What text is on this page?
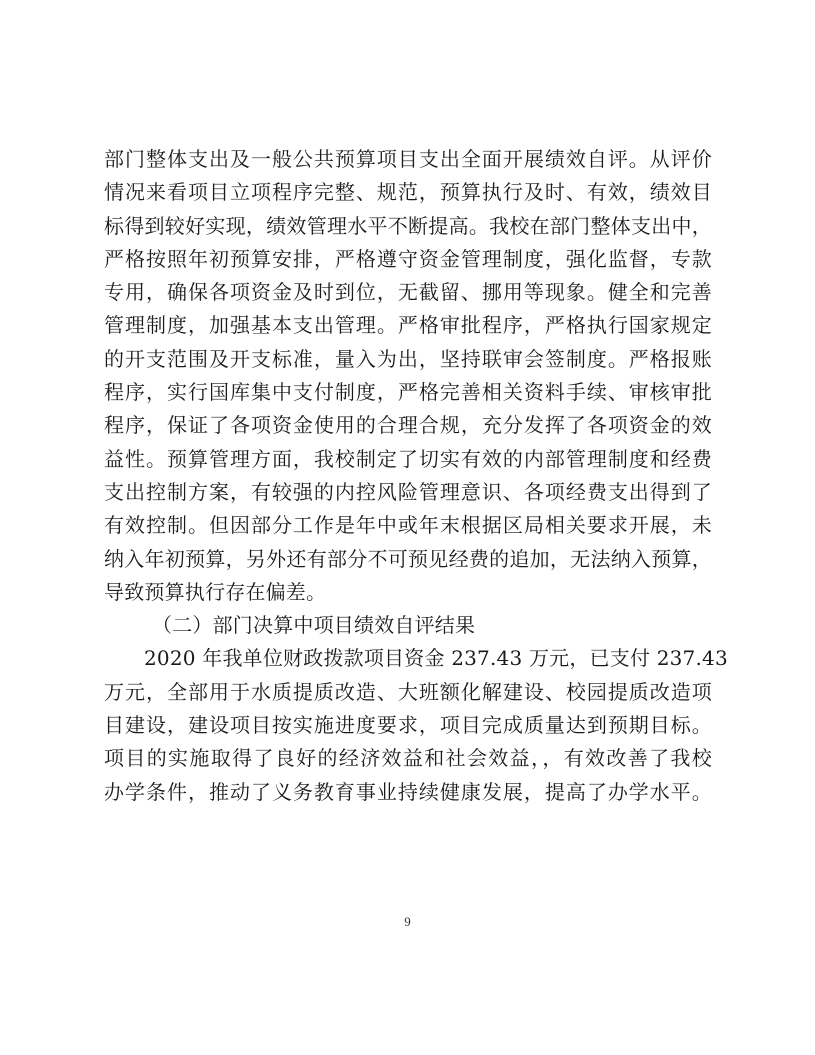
部门整体支出及一般公共预算项目支出全面开展绩效自评。从评价
情况来看项目立项程序完整、规范，预算执行及时、有效，绩效目
标得到较好实现，绩效管理水平不断提高。我校在部门整体支出中，
严格按照年初预算安排，严格遵守资金管理制度，强化监督，专款
专用，确保各项资金及时到位，无截留、挪用等现象。健全和完善
管理制度，加强基本支出管理。严格审批程序，严格执行国家规定
的开支范围及开支标准，量入为出，坚持联审会签制度。严格报账
程序，实行国库集中支付制度，严格完善相关资料手续、审核审批
程序，保证了各项资金使用的合理合规，充分发挥了各项资金的效
益性。预算管理方面，我校制定了切实有效的内部管理制度和经费
支出控制方案，有较强的内控风险管理意识、各项经费支出得到了
有效控制。但因部分工作是年中或年末根据区局相关要求开展，未
纳入年初预算，另外还有部分不可预见经费的追加，无法纳入预算，
导致预算执行存在偏差。
（二）部门决算中项目绩效自评结果
2020 年我单位财政拨款项目资金 237.43 万元，已支付 237.43
万元，全部用于水质提质改造、大班额化解建设、校园提质改造项
目建设，建设项目按实施进度要求，项目完成质量达到预期目标。
项目的实施取得了良好的经济效益和社会效益，，有效改善了我校
办学条件，推动了义务教育事业持续健康发展，提高了办学水平。
9
